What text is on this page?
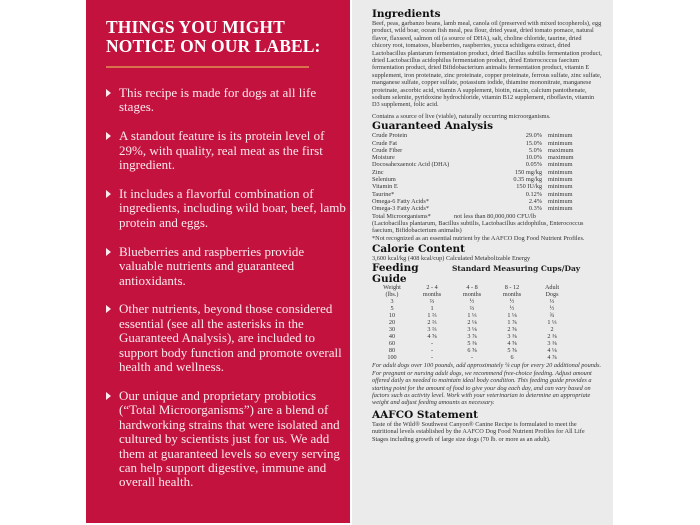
THINGS YOU MIGHT
NOTICE ON OUR LABEL:
This recipe is made for dogs at all life stages.
A standout feature is its protein level of 29%, with quality, real meat as the first ingredient.
It includes a flavorful combination of ingredients, including wild boar, beef, lamb protein and eggs.
Blueberries and raspberries provide valuable nutrients and guaranteed antioxidants.
Other nutrients, beyond those considered essential (see all the asterisks in the Guaranteed Analysis), are included to support body function and promote overall health and wellness.
Our unique and proprietary probiotics (“Total Microorganisms”) are a blend of hardworking strains that were isolated and cultured by scientists just for us. We add them at guaranteed levels so every serving can help support digestive, immune and overall health.
Ingredients
Beef, peas, garbanzo beans, lamb meal, canola oil (preserved with mixed tocopherols), egg product, wild boar, ocean fish meal, pea flour, dried yeast, dried tomato pomace, natural flavor, flaxseed, salmon oil (a source of DHA), salt, choline chloride, taurine, dried chicory root, tomatoes, blueberries, raspberries, yucca schidigera extract, dried Lactobacillus plantarum fermentation product, dried Bacillus subtilis fermentation product, dried Lactobacillus acidophilus fermentation product, dried Enterococcus faecium fermentation product, dried Bifidobacterium animalis fermentation product, vitamin E supplement, iron proteinate, zinc proteinate, copper proteinate, ferrous sulfate, zinc sulfate, manganese sulfate, copper sulfate, potassium iodide, thiamine mononitrate, manganese proteinate, ascorbic acid, vitamin A supplement, biotin, niacin, calcium pantothenate, sodium selenite, pyridoxine hydrochloride, vitamin B12 supplement, riboflavin, vitamin D3 supplement, folic acid.
Contains a source of live (viable), naturally occurring microorganisms.
Guaranteed Analysis
Crude Protein	29.0% minimum
Crude Fat	15.0% minimum
Crude Fiber	5.0% maximum
Moisture	10.0% maximum
Docosahexaenoic Acid (DHA)	0.05% minimum
Zinc	150 mg/kg minimum
Selenium	0.35 mg/kg minimum
Vitamin E	150 IU/kg minimum
Taurine*	0.12% minimum
Omega-6 Fatty Acids*	2.4% minimum
Omega-3 Fatty Acids*	0.3% minimum
Total Microorganisms*	not less than 80,000,000 CFU/lb
(Lactobacillus plantarum, Bacillus subtilis, Lactobacillus acidophilus, Enterococcus faecium, Bifidobacterium animalis)
*Not recognized as an essential nutrient by the AAFCO Dog Food Nutrient Profiles.
Calorie Content
3,600 kcal/kg (408 kcal/cup) Calculated Metabolizable Energy
Feeding Guide
Standard Measuring Cups/Day
Weight	2 - 4	4 - 8	8 - 12	Adult
(lbs.)	months	months	months	Dogs
3	⅔	½	½	⅓
5	1	⅔	½	½
10	1 ⅔	1 ⅓	1 ⅛	¾
20	2 ⅔	2 ⅛	1 ⅞	1 ⅓
30	3 ⅔	3 ⅛	2 ⅝	2
40	4 ⅝	3 ⅞	3 ⅜	2 ⅜
60	-	5 ⅜	4 ⅝	3 ⅜
80	-	6 ⅝	5 ⅝	4 ⅛
100	-	-	6	4 ⅞
For adult dogs over 100 pounds, add approximately ¼ cup for every 20 additional pounds. For pregnant or nursing adult dogs, we recommend free-choice feeding. Adjust amount offered daily as needed to maintain ideal body condition. This feeding guide provides a starting point for the amount of food to give your dog each day, and can vary based on factors such as activity level. Work with your veterinarian to determine an appropriate weight and adjust feeding amounts as necessary.
AAFCO Statement
Taste of the Wild® Southwest Canyon® Canine Recipe is formulated to meet the nutritional levels established by the AAFCO Dog Food Nutrient Profiles for All Life Stages including growth of large size dogs (70 lb. or more as an adult).
